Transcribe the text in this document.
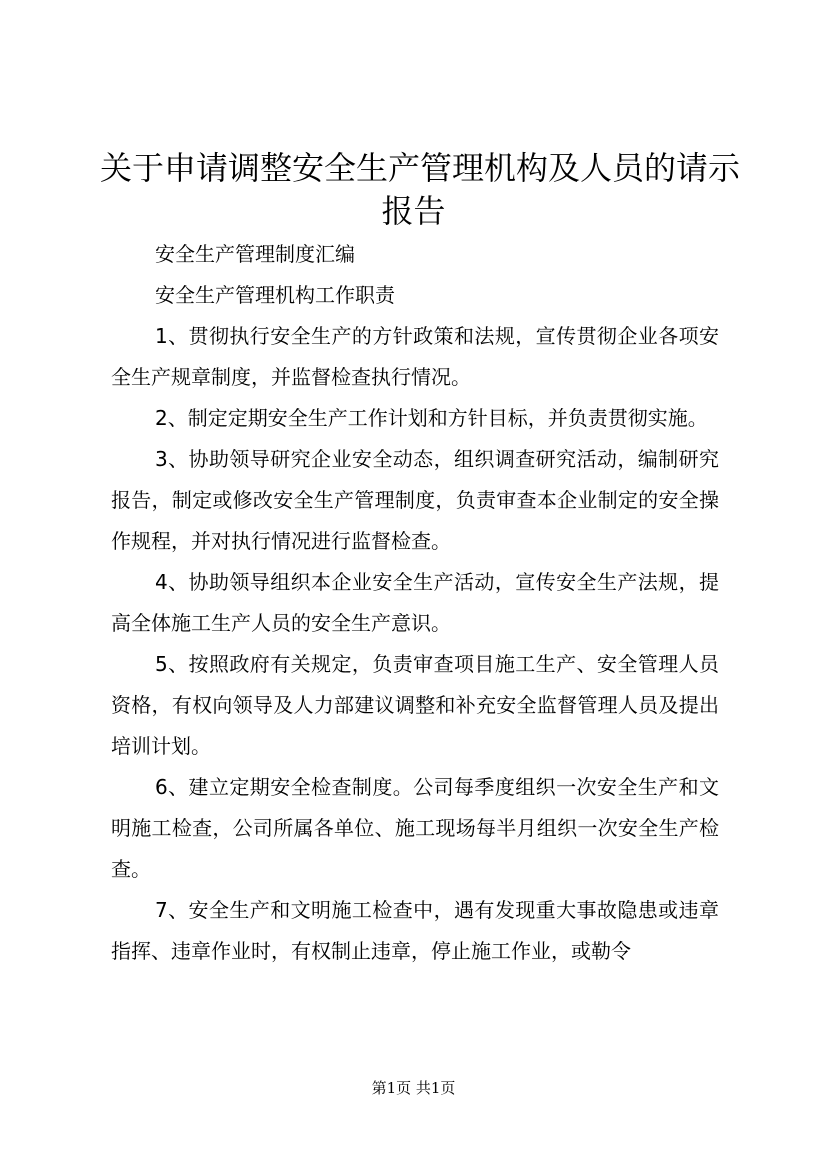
关于申请调整安全生产管理机构及人员的请示
报告

安全生产管理制度汇编

安全生产管理机构工作职责

1、贯彻执行安全生产的方针政策和法规，宣传贯彻企业各项安全生产规章制度，并监督检查执行情况。

2、制定定期安全生产工作计划和方针目标，并负责贯彻实施。

3、协助领导研究企业安全动态，组织调查研究活动，编制研究报告，制定或修改安全生产管理制度，负责审查本企业制定的安全操作规程，并对执行情况进行监督检查。

4、协助领导组织本企业安全生产活动，宣传安全生产法规，提高全体施工生产人员的安全生产意识。

5、按照政府有关规定，负责审查项目施工生产、安全管理人员资格，有权向领导及人力部建议调整和补充安全监督管理人员及提出培训计划。

6、建立定期安全检查制度。公司每季度组织一次安全生产和文明施工检查，公司所属各单位、施工现场每半月组织一次安全生产检查。

7、安全生产和文明施工检查中，遇有发现重大事故隐患或违章指挥、违章作业时，有权制止违章，停止施工作业，或勒令

第1页 共1页
